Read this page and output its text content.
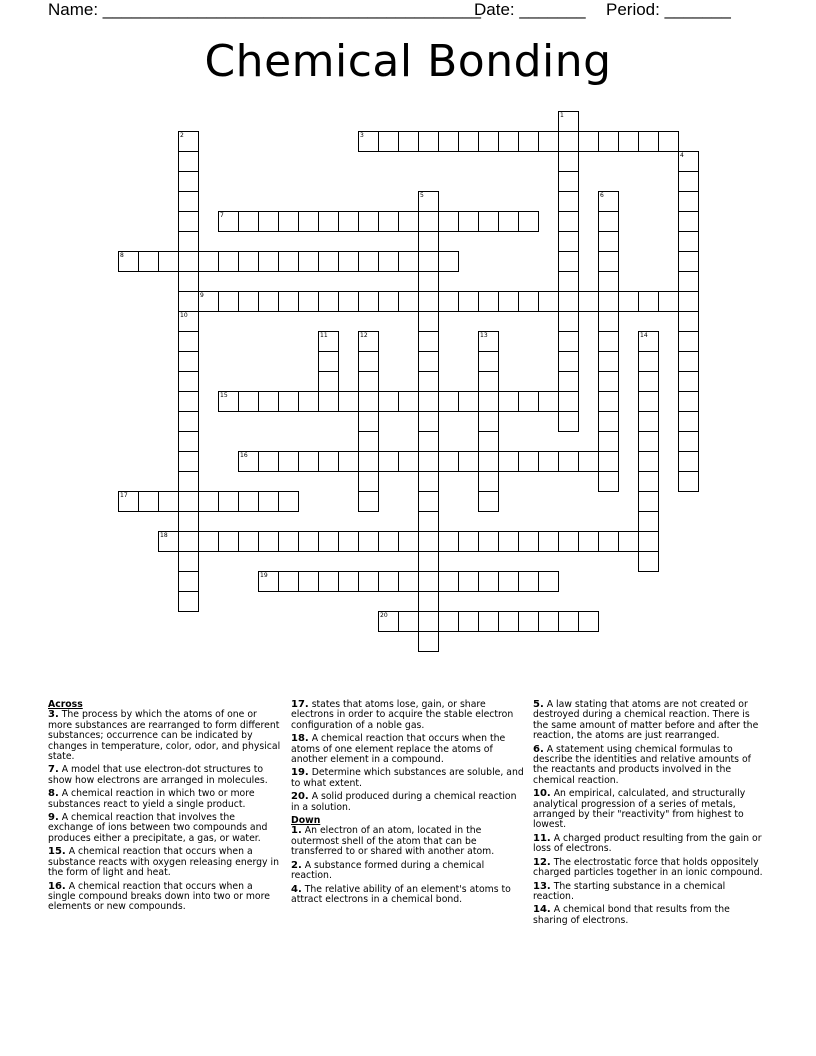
Name: ________________________________________
Date: _______ Period: _______
Chemical Bonding
1
2
10
3
4
5	6
7
8
9
11	12	13	14
15
16
17
18
19
20

Across

3. The process by which the atoms of one or more substances are rearranged to form different substances; occurrence can be indicated by changes in temperature, color, odor, and physical state.

7. A model that use electron-dot structures to show how electrons are arranged in molecules.

8. A chemical reaction in which two or more substances react to yield a single product.

9. A chemical reaction that involves the exchange of ions between two compounds and produces either a precipitate, a gas, or water.

15. A chemical reaction that occurs when a substance reacts with oxygen releasing energy in the form of light and heat.

16. A chemical reaction that occurs when a single compound breaks down into two or more elements or new compounds.

17. states that atoms lose, gain, or share electrons in order to acquire the stable electron configuration of a noble gas.

18. A chemical reaction that occurs when the atoms of one element replace the atoms of another element in a compound.

19. Determine which substances are soluble, and to what extent.

20. A solid produced during a chemical reaction in a solution.

Down

1. An electron of an atom, located in the outermost shell of the atom that can be transferred to or shared with another atom.

2. A substance formed during a chemical reaction.

4. The relative ability of an element's atoms to attract electrons in a chemical bond.

5. A law stating that atoms are not created or destroyed during a chemical reaction. There is the same amount of matter before and after the reaction, the atoms are just rearranged.

6. A statement using chemical formulas to describe the identities and relative amounts of the reactants and products involved in the chemical reaction.

10. An empirical, calculated, and structurally analytical progression of a series of metals, arranged by their "reactivity" from highest to lowest.

11. A charged product resulting from the gain or loss of electrons.

12. The electrostatic force that holds oppositely charged particles together in an ionic compound.

13. The starting substance in a chemical reaction.

14. A chemical bond that results from the sharing of electrons.
